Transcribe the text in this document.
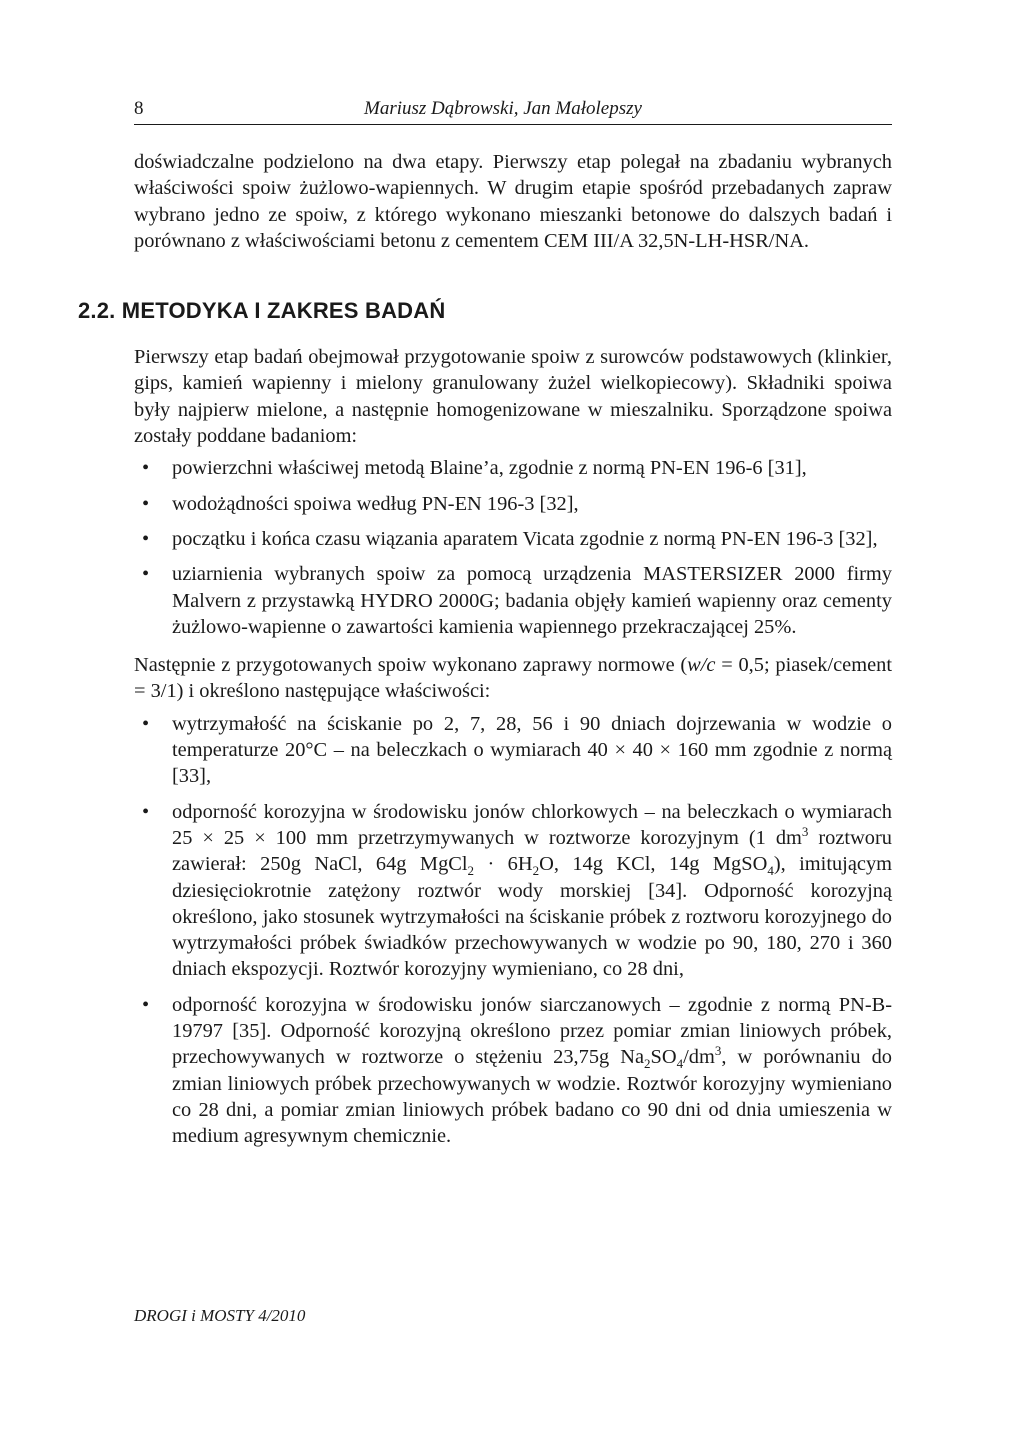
8	Mariusz Dąbrowski, Jan Małolepszy

doświadczalne podzielono na dwa etapy. Pierwszy etap polegał na zbadaniu wybranych właściwości spoiw żużlowo-wapiennych. W drugim etapie spośród przebadanych zapraw wybrano jedno ze spoiw, z którego wykonano mieszanki betonowe do dalszych badań i porównano z właściwościami betonu z cementem CEM III/A 32,5N-LH-HSR/NA.

2.2. METODYKA I ZAKRES BADAŃ

Pierwszy etap badań obejmował przygotowanie spoiw z surowców podstawowych (klinkier, gips, kamień wapienny i mielony granulowany żużel wielkopiecowy). Składniki spoiwa były najpierw mielone, a następnie homogenizowane w mieszalniku. Sporządzone spoiwa zostały poddane badaniom:

•	powierzchni właściwej metodą Blaine’a, zgodnie z normą PN-EN 196-6 [31],
•	wodożądności spoiwa według PN-EN 196-3 [32],
•	początku i końca czasu wiązania aparatem Vicata zgodnie z normą PN-EN 196-3 [32],
•	uziarnienia wybranych spoiw za pomocą urządzenia MASTERSIZER 2000 firmy Malvern z przystawką HYDRO 2000G; badania objęły kamień wapienny oraz cementy żużlowo-wapienne o zawartości kamienia wapiennego przekraczającej 25%.

Następnie z przygotowanych spoiw wykonano zaprawy normowe (w/c = 0,5; piasek/cement = 3/1) i określono następujące właściwości:

•	wytrzymałość na ściskanie po 2, 7, 28, 56 i 90 dniach dojrzewania w wodzie o temperaturze 20°C – na beleczkach o wymiarach 40 × 40 × 160 mm zgodnie z normą [33],
•	odporność korozyjna w środowisku jonów chlorkowych – na beleczkach o wymiarach 25 × 25 × 100 mm przetrzymywanych w roztworze korozyjnym (1 $dm^3$ roztworu zawierał: 250g NaCl, 64g MgCl$_2$ · $6H_2O$, 14g KCl, 14g MgSO$_4$), imitującym dziesięciokrotnie zatężony roztwór wody morskiej [34]. Odporność korozyjną określono, jako stosunek wytrzymałości na ściskanie próbek z roztworu korozyjnego do wytrzymałości próbek świadków przechowywanych w wodzie po 90, 180, 270 i 360 dniach ekspozycji. Roztwór korozyjny wymieniano, co 28 dni,
•	odporność korozyjna w środowisku jonów siarczanowych – zgodnie z normą PN-B-19797 [35]. Odporność korozyjną określono przez pomiar zmian liniowych próbek, przechowywanych w roztworze o stężeniu 23,75g $Na_2SO_4/dm^3$, w porównaniu do zmian liniowych próbek przechowywanych w wodzie. Roztwór korozyjny wymieniano co 28 dni, a pomiar zmian liniowych próbek badano co 90 dni od dnia umieszenia w medium agresywnym chemicznie.
DROGI i MOSTY 4/2010
